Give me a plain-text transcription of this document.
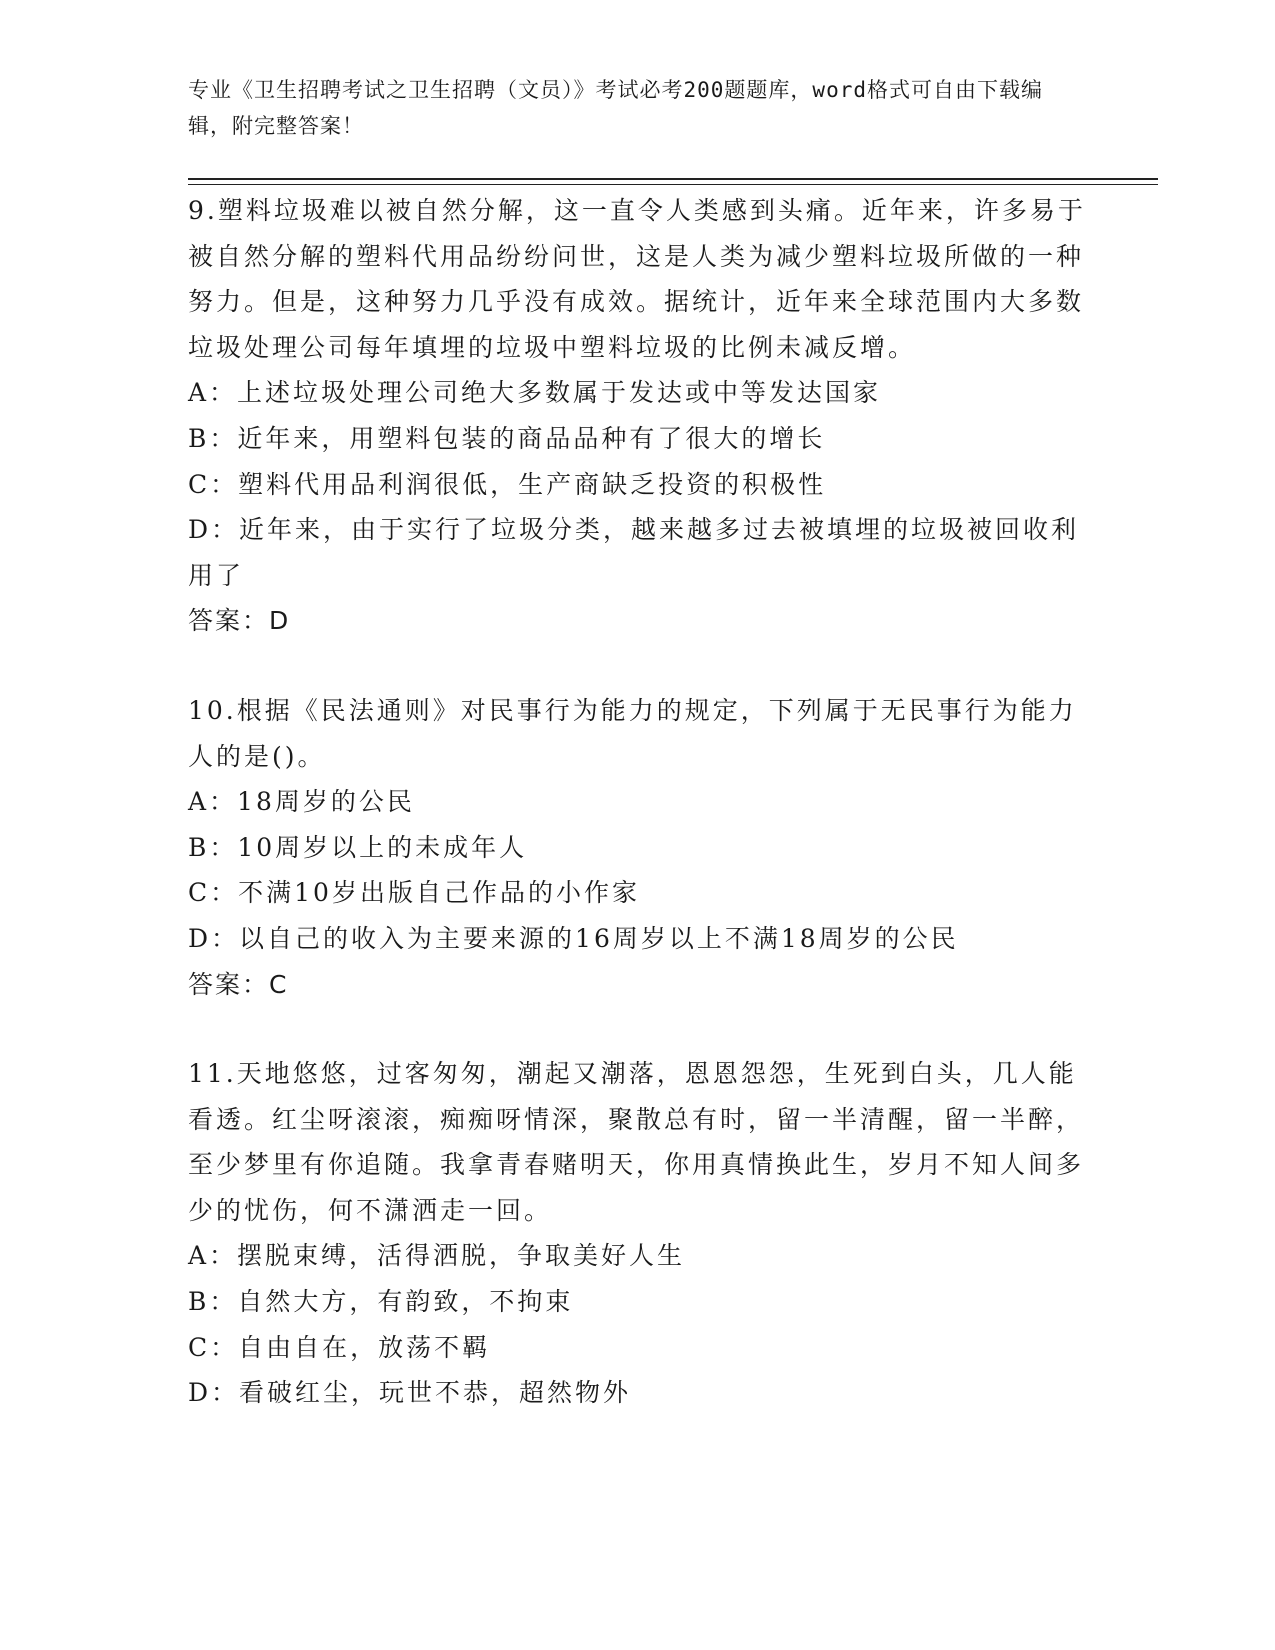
专业《卫生招聘考试之卫生招聘（文员）》考试必考200题题库，word格式可自由下载编辑，附完整答案！

9.塑料垃圾难以被自然分解，这一直令人类感到头痛。近年来，许多易于被自然分解的塑料代用品纷纷问世，这是人类为减少塑料垃圾所做的一种努力。但是，这种努力几乎没有成效。据统计，近年来全球范围内大多数垃圾处理公司每年填埋的垃圾中塑料垃圾的比例未减反增。

A：上述垃圾处理公司绝大多数属于发达或中等发达国家

B：近年来，用塑料包装的商品品种有了很大的增长

C：塑料代用品利润很低，生产商缺乏投资的积极性

D：近年来，由于实行了垃圾分类，越来越多过去被填埋的垃圾被回收利用了

答案：D

10.根据《民法通则》对民事行为能力的规定，下列属于无民事行为能力人的是()。

A：18周岁的公民

B：10周岁以上的未成年人

C：不满10岁出版自己作品的小作家

D：以自己的收入为主要来源的16周岁以上不满18周岁的公民

答案：C

11.天地悠悠，过客匆匆，潮起又潮落，恩恩怨怨，生死到白头，几人能看透。红尘呀滚滚，痴痴呀情深，聚散总有时，留一半清醒，留一半醉，至少梦里有你追随。我拿青春赌明天，你用真情换此生，岁月不知人间多少的忧伤，何不潇洒走一回。

A：摆脱束缚，活得洒脱，争取美好人生

B：自然大方，有韵致，不拘束

C：自由自在，放荡不羁

D：看破红尘，玩世不恭，超然物外
